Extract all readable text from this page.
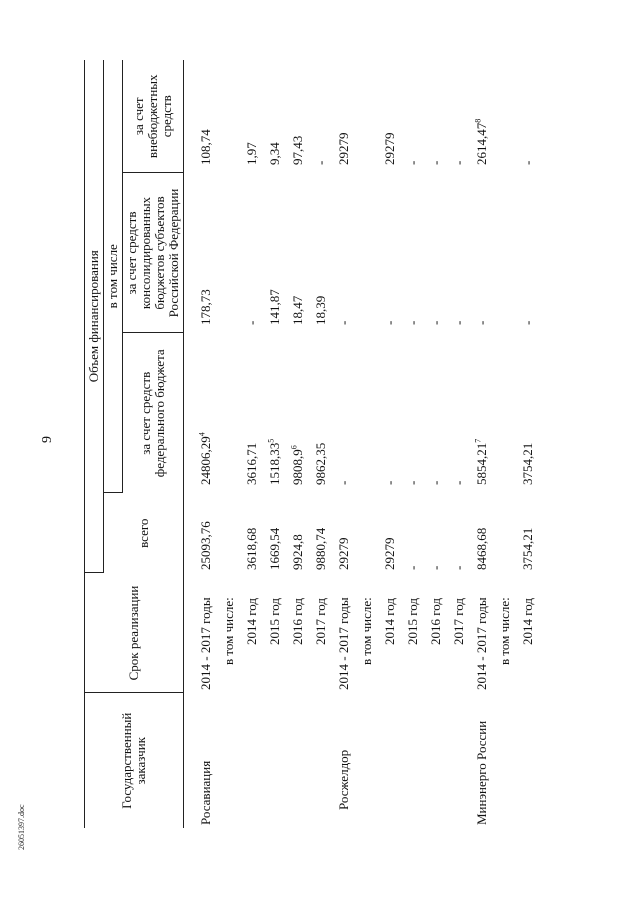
9
26051397.doc

Государственный заказчик	Срок реализации	Объем финансирования			
		всего	в том числе		
			за счет средств федерального бюджета	за счет средств консолидированных бюджетов субъектов Российской Федерации	за счет внебюджетных средств
Росавиация	2014 - 2017 годы	25093,76	24806,29$^4$	178,73	108,74
	в том числе:				
	2014 год	3618,68	3616,71	-	1,97
	2015 год	1669,54	1518,33$^5$	141,87	9,34
	2016 год	9924,8	9808,9$^6$	18,47	97,43
	2017 год	9880,74	9862,35	18,39	-
Росжелдор	2014 - 2017 годы	29279	-	-	29279
	в том числе:				
	2014 год	29279	-	-	29279
	2015 год	-	-	-	-
	2016 год	-	-	-	-
	2017 год	-	-	-	-
Минэнерго России	2014 - 2017 годы	8468,68	5854,21$^7$	-	2614,47$^8$
	в том числе:				
	2014 год	3754,21	3754,21	-	-
